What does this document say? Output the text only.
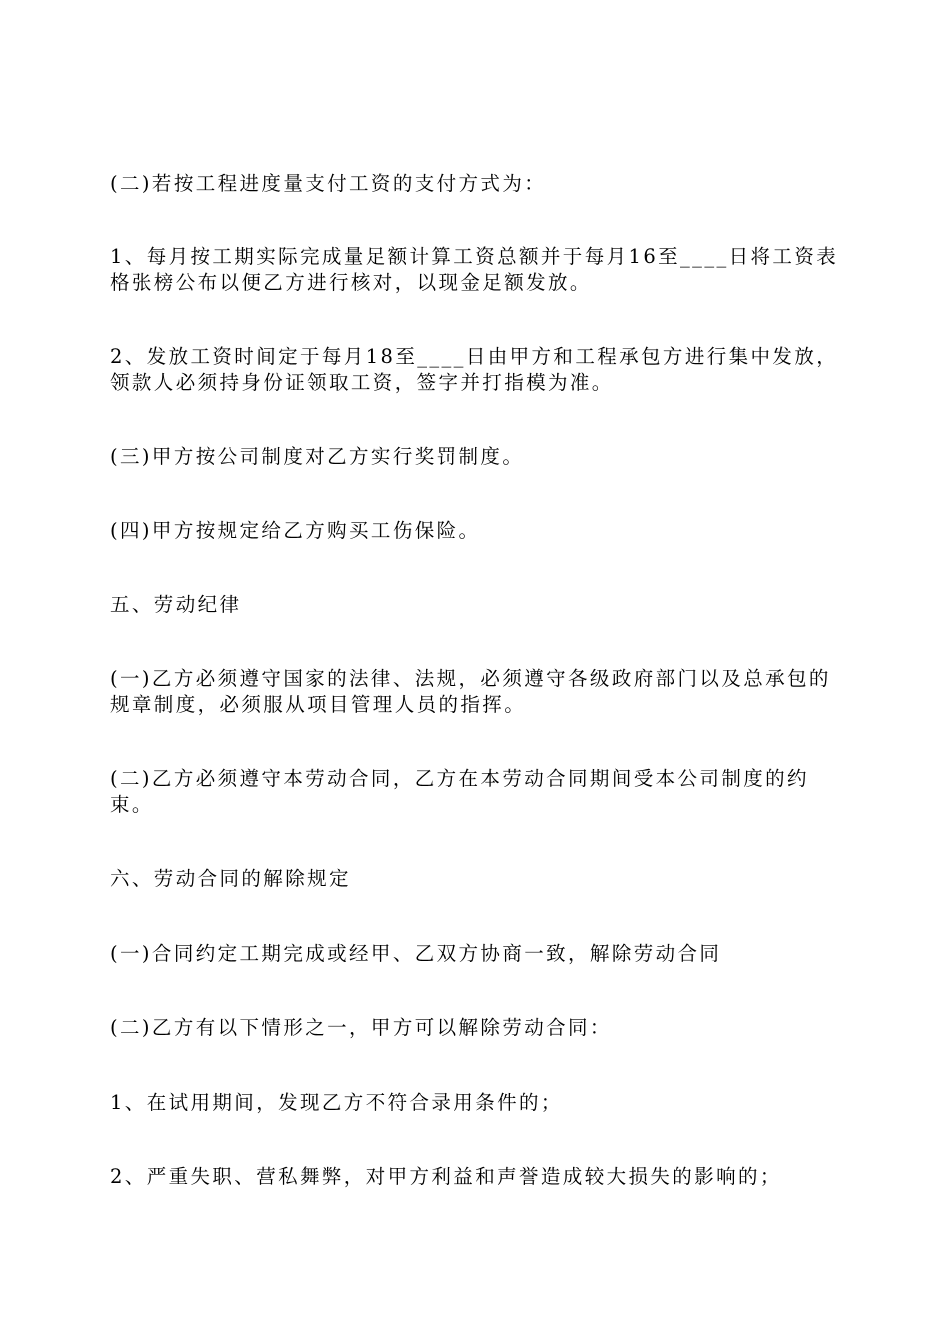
(二)若按工程进度量支付工资的支付方式为：

1、每月按工期实际完成量足额计算工资总额并于每月16至____日将工资表格张榜公布以便乙方进行核对，以现金足额发放。

2、发放工资时间定于每月18至____日由甲方和工程承包方进行集中发放，领款人必须持身份证领取工资，签字并打指模为准。

(三)甲方按公司制度对乙方实行奖罚制度。

(四)甲方按规定给乙方购买工伤保险。

五、劳动纪律

(一)乙方必须遵守国家的法律、法规，必须遵守各级政府部门以及总承包的规章制度，必须服从项目管理人员的指挥。

(二)乙方必须遵守本劳动合同，乙方在本劳动合同期间受本公司制度的约束。

六、劳动合同的解除规定

(一)合同约定工期完成或经甲、乙双方协商一致，解除劳动合同

(二)乙方有以下情形之一，甲方可以解除劳动合同：

1、在试用期间，发现乙方不符合录用条件的；

2、严重失职、营私舞弊，对甲方利益和声誉造成较大损失的影响的；
